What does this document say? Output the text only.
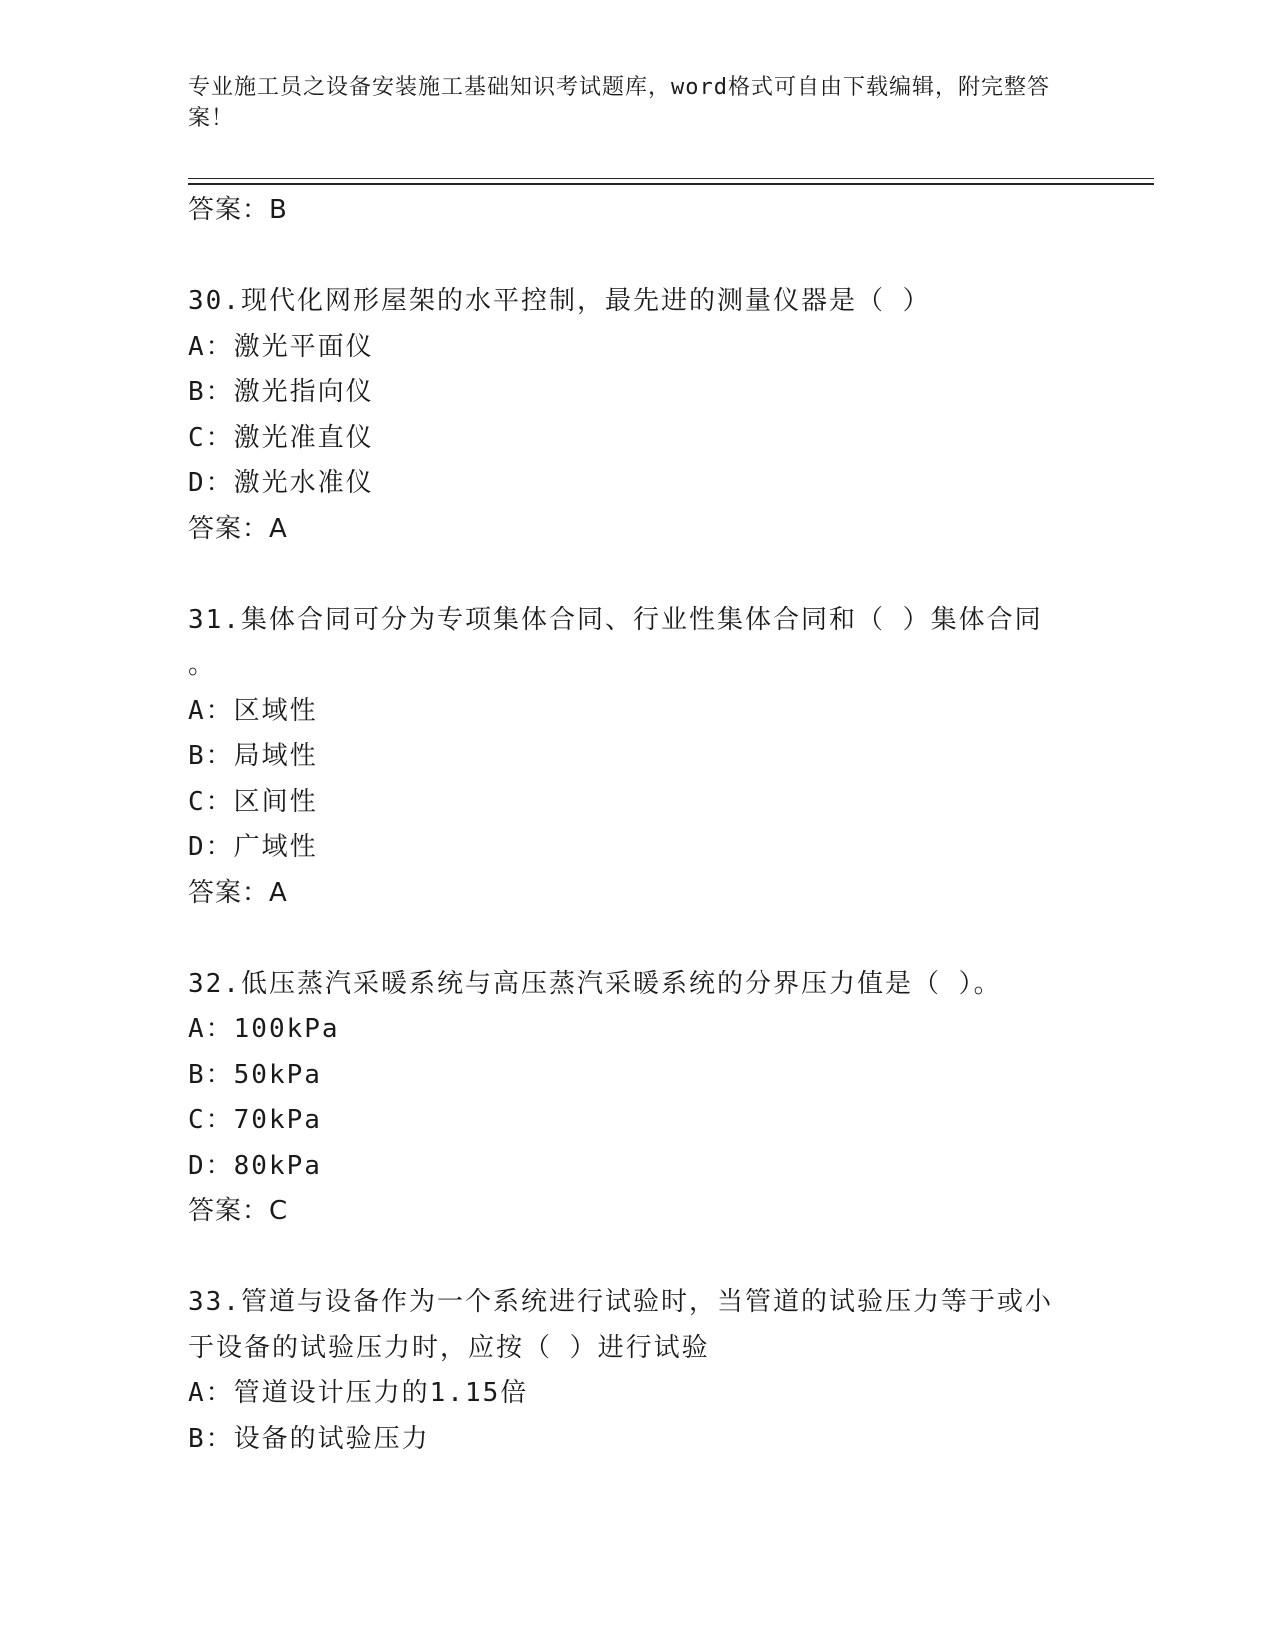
专业施工员之设备安装施工基础知识考试题库，word格式可自由下载编辑，附完整答案！

答案：B

30.现代化网形屋架的水平控制，最先进的测量仪器是（ ）

A：激光平面仪

B：激光指向仪

C：激光准直仪

D：激光水准仪

答案：A

31.集体合同可分为专项集体合同、行业性集体合同和（ ）集体合同

。

A：区域性

B：局域性

C：区间性

D：广域性

答案：A

32.低压蒸汽采暖系统与高压蒸汽采暖系统的分界压力值是（ ）。

A：100kPa

B：50kPa

C：70kPa

D：80kPa

答案：C

33.管道与设备作为一个系统进行试验时，当管道的试验压力等于或小

于设备的试验压力时，应按（ ）进行试验

A：管道设计压力的1.15倍

B：设备的试验压力
